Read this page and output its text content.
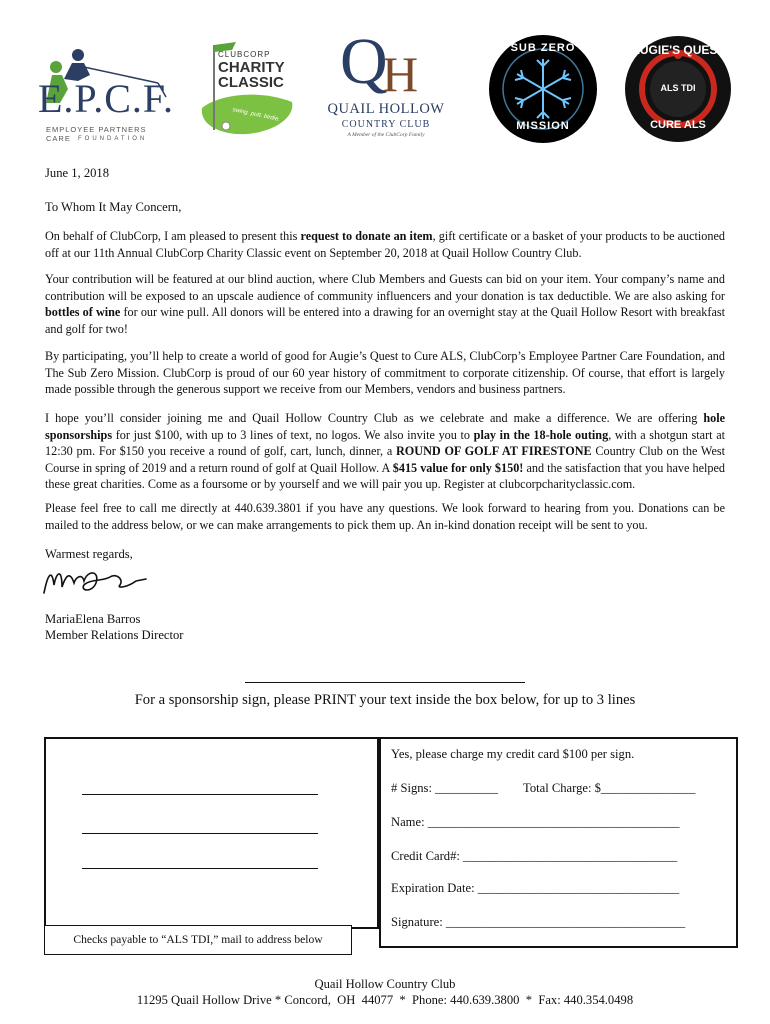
E.P.C.F.
EMPLOYEE PARTNERS CARE	FOUNDATION
CLUBCORP
CHARITY
CLASSIC
swing. putt. birdie.
Q
H
QUAIL HOLLOW
COUNTRY CLUB
A Member of the ClubCorp Family
SUB ZERO
MISSION
AUGIE'S QUEST
ALS TDI
CURE ALS
June 1, 2018
To Whom It May Concern,

On behalf of ClubCorp, I am pleased to present this request to donate an item, gift certificate or a basket of your products to be auctioned off at our 11th Annual ClubCorp Charity Classic event on September 20, 2018 at Quail Hollow Country Club.

Your contribution will be featured at our blind auction, where Club Members and Guests can bid on your item. Your company’s name and contribution will be exposed to an upscale audience of community influencers and your donation is tax deductible. We are also asking for bottles of wine for our wine pull. All donors will be entered into a drawing for an overnight stay at the Quail Hollow Resort with breakfast and golf for two!

By participating, you’ll help to create a world of good for Augie’s Quest to Cure ALS, ClubCorp’s Employee Partner Care Foundation, and The Sub Zero Mission. ClubCorp is proud of our 60 year history of commitment to corporate citizenship. Of course, that effort is largely made possible through the generous support we receive from our Members, vendors and business partners.

I hope you’ll consider joining me and Quail Hollow Country Club as we celebrate and make a difference. We are offering hole sponsorships for just $100, with up to 3 lines of text, no logos. We also invite you to play in the 18-hole outing, with a shotgun start at 12:30 pm. For $150 you receive a round of golf, cart, lunch, dinner, a ROUND OF GOLF AT FIRESTONE Country Club on the West Course in spring of 2019 and a return round of golf at Quail Hollow. A $415 value for only $150! and the satisfaction that you have helped these great charities. Come as a foursome or by yourself and we will pair you up. Register at clubcorpcharityclassic.com.

Please feel free to call me directly at 440.639.3801 if you have any questions. We look forward to hearing from you. Donations can be mailed to the address below, or we can make arrangements to pick them up. An in-kind donation receipt will be sent to you.

Warmest regards,
MariaElena Barros
Member Relations Director
For a sponsorship sign, please PRINT your text inside the box below, for up to 3 lines
Checks payable to “ALS TDI,” mail to address below
Yes, please charge my credit card $100 per sign.
# Signs: __________ Total Charge: $_______________
Name: ________________________________________
Credit Card#: __________________________________
Expiration Date: ________________________________
Signature: ______________________________________
Quail Hollow Country Club
11295 Quail Hollow Drive * Concord,  OH  44077  *  Phone: 440.639.3800  *  Fax: 440.354.0498
